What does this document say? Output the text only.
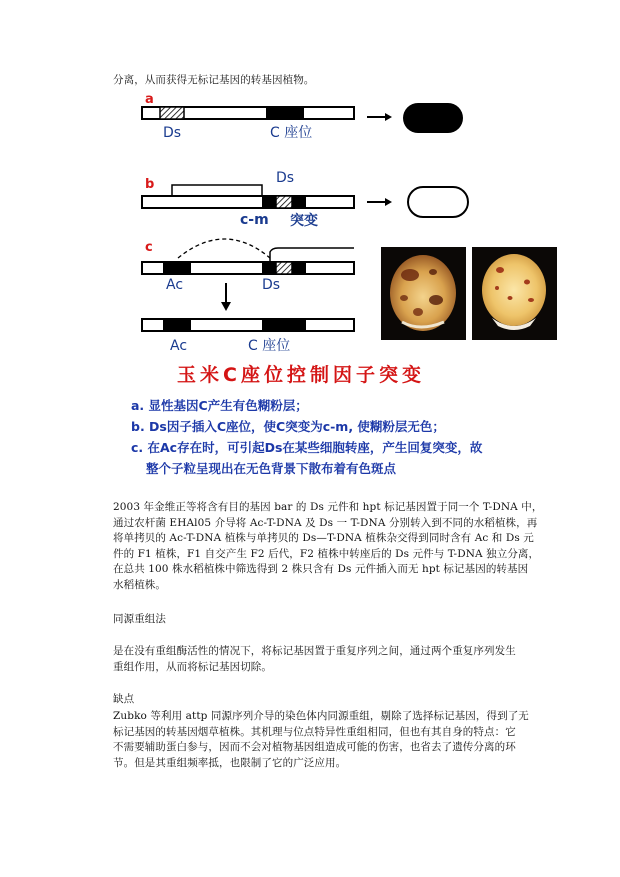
分离，从而获得无标记基因的转基因植物。
a
Ds	C 座位
b	Ds
c-m 突变
c
Ac	Ds
Ac	C 座位
玉米C座位控制因子突变
a. 显性基因C产生有色糊粉层；
b. Ds因子插入C座位，使C突变为c-m, 使糊粉层无色；
c. 在Ac存在时，可引起Ds在某些细胞转座，产生回复突变，故
整个子粒呈现出在无色背景下散布着有色斑点
2003 年金维正等将含有目的基因 bar 的 Ds 元件和 hpt 标记基因置于同一个 T-DNA 中，
通过农杆菌 EHAl05 介导将 Ac-T-DNA 及 Ds 一 T-DNA 分别转入到不同的水稻植株，再
将单拷贝的 Ac-T-DNA 植株与单拷贝的 Ds—T-DNA 植株杂交得到同时含有 Ac 和 Ds 元
件的 F1 植株，F1 自交产生 F2 后代，F2 植株中转座后的 Ds 元件与 T-DNA 独立分离，
在总共 100 株水稻植株中筛选得到 2 株只含有 Ds 元件插入而无 hpt 标记基因的转基因
水稻植株。
同源重组法
是在没有重组酶活性的情况下，将标记基因置于重复序列之间，通过两个重复序列发生
重组作用，从而将标记基因切除。
缺点
Zubko 等利用 attp 同源序列介导的染色体内同源重组，剔除了选择标记基因，得到了无
标记基因的转基因烟草植株。其机理与位点特异性重组相同，但也有其自身的特点：它
不需要辅助蛋白参与，因而不会对植物基因组造成可能的伤害，也省去了遗传分离的环
节。但是其重组频率抵，也限制了它的广泛应用。
